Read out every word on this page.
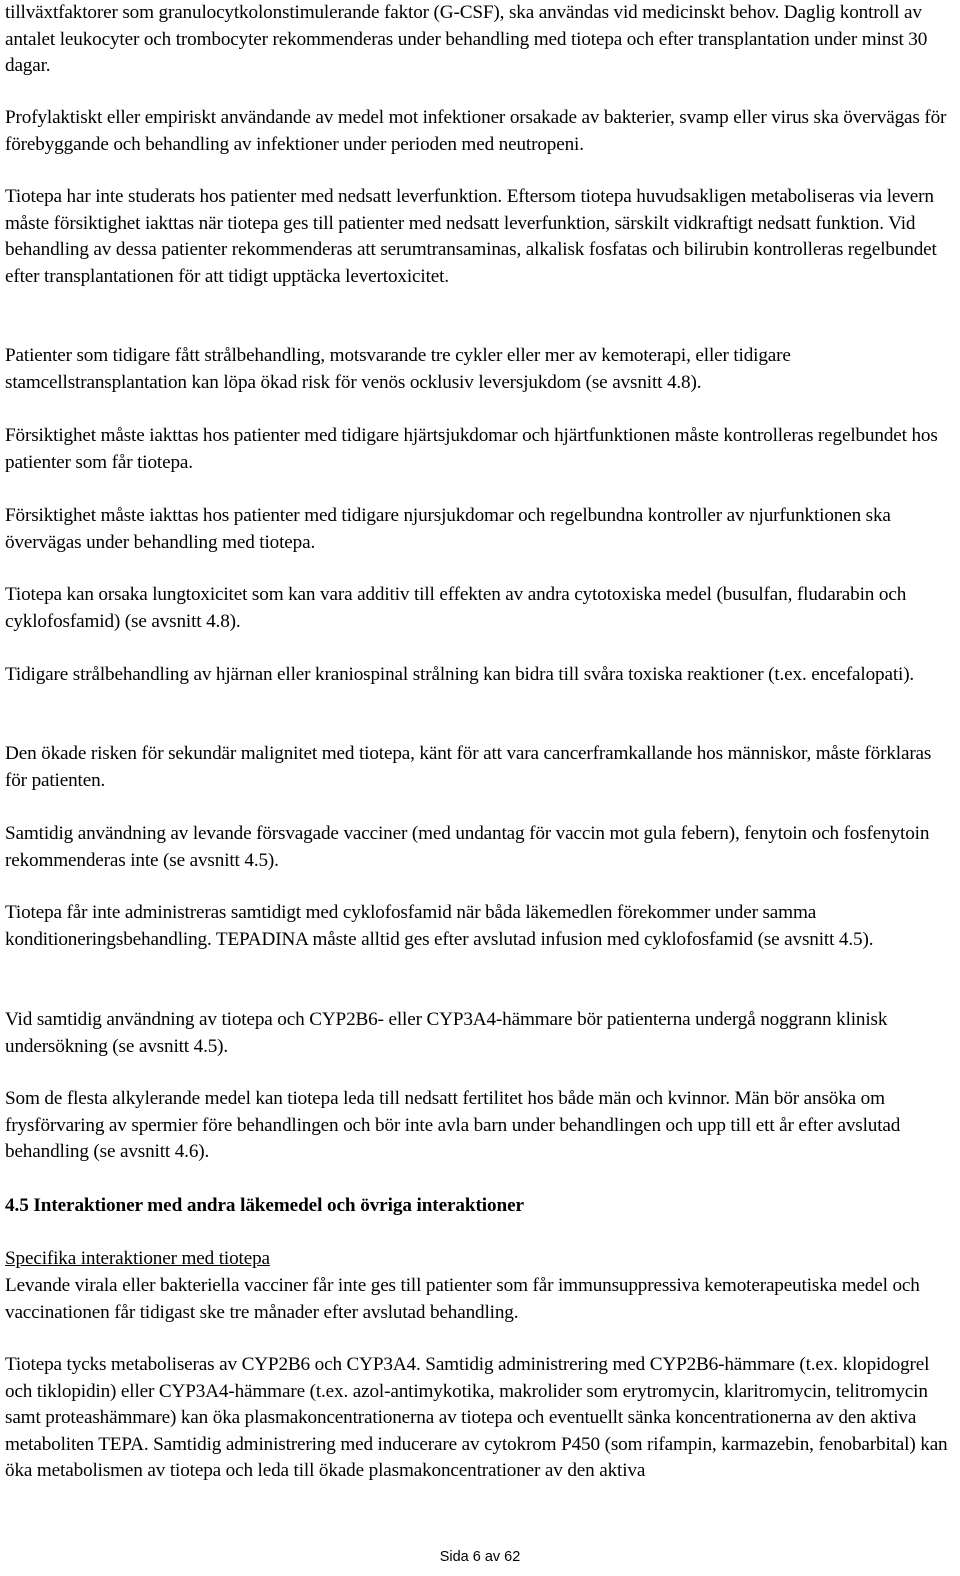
tillväxtfaktorer som granulocytkolonstimulerande faktor (G-CSF), ska användas vid medicinskt behov. Daglig kontroll av antalet leukocyter och trombocyter rekommenderas under behandling med tiotepa och efter transplantation under minst 30 dagar.

Profylaktiskt eller empiriskt användande av medel mot infektioner orsakade av bakterier, svamp eller virus ska övervägas för förebyggande och behandling av infektioner under perioden med neutropeni.

Tiotepa har inte studerats hos patienter med nedsatt leverfunktion. Eftersom tiotepa huvudsakligen metaboliseras via levern måste försiktighet iakttas när tiotepa ges till patienter med nedsatt leverfunktion, särskilt vidkraftigt nedsatt funktion. Vid behandling av dessa patienter rekommenderas att serumtransaminas, alkalisk fosfatas och bilirubin kontrolleras regelbundet efter transplantationen för att tidigt upptäcka levertoxicitet.

Patienter som tidigare fått strålbehandling, motsvarande tre cykler eller mer av kemoterapi, eller tidigare stamcellstransplantation kan löpa ökad risk för venös ocklusiv leversjukdom (se avsnitt 4.8).

Försiktighet måste iakttas hos patienter med tidigare hjärtsjukdomar och hjärtfunktionen måste kontrolleras regelbundet hos patienter som får tiotepa.

Försiktighet måste iakttas hos patienter med tidigare njursjukdomar och regelbundna kontroller av njurfunktionen ska övervägas under behandling med tiotepa.

Tiotepa kan orsaka lungtoxicitet som kan vara additiv till effekten av andra cytotoxiska medel (busulfan, fludarabin och cyklofosfamid) (se avsnitt 4.8).

Tidigare strålbehandling av hjärnan eller kraniospinal strålning kan bidra till svåra toxiska reaktioner (t.ex. encefalopati).

Den ökade risken för sekundär malignitet med tiotepa, känt för att vara cancerframkallande hos människor, måste förklaras för patienten.

Samtidig användning av levande försvagade vacciner (med undantag för vaccin mot gula febern), fenytoin och fosfenytoin rekommenderas inte (se avsnitt 4.5).

Tiotepa får inte administreras samtidigt med cyklofosfamid när båda läkemedlen förekommer under samma konditioneringsbehandling. TEPADINA måste alltid ges efter avslutad infusion med cyklofosfamid (se avsnitt 4.5).

Vid samtidig användning av tiotepa och CYP2B6- eller CYP3A4-hämmare bör patienterna undergå noggrann klinisk undersökning (se avsnitt 4.5).

Som de flesta alkylerande medel kan tiotepa leda till nedsatt fertilitet hos både män och kvinnor. Män bör ansöka om frysförvaring av spermier före behandlingen och bör inte avla barn under behandlingen och upp till ett år efter avslutad behandling (se avsnitt 4.6).

4.5 Interaktioner med andra läkemedel och övriga interaktioner
Specifika interaktioner med tiotepa

Levande virala eller bakteriella vacciner får inte ges till patienter som får immunsuppressiva kemoterapeutiska medel och vaccinationen får tidigast ske tre månader efter avslutad behandling.

Tiotepa tycks metaboliseras av CYP2B6 och CYP3A4. Samtidig administrering med CYP2B6-hämmare (t.ex. klopidogrel och tiklopidin) eller CYP3A4-hämmare (t.ex. azol-antimykotika, makrolider som erytromycin, klaritromycin, telitromycin samt proteashämmare) kan öka plasmakoncentrationerna av tiotepa och eventuellt sänka koncentrationerna av den aktiva metaboliten TEPA. Samtidig administrering med inducerare av cytokrom P450 (som rifampin, karmazebin, fenobarbital) kan öka metabolismen av tiotepa och leda till ökade plasmakoncentrationer av den aktiva

Sida 6 av 62
